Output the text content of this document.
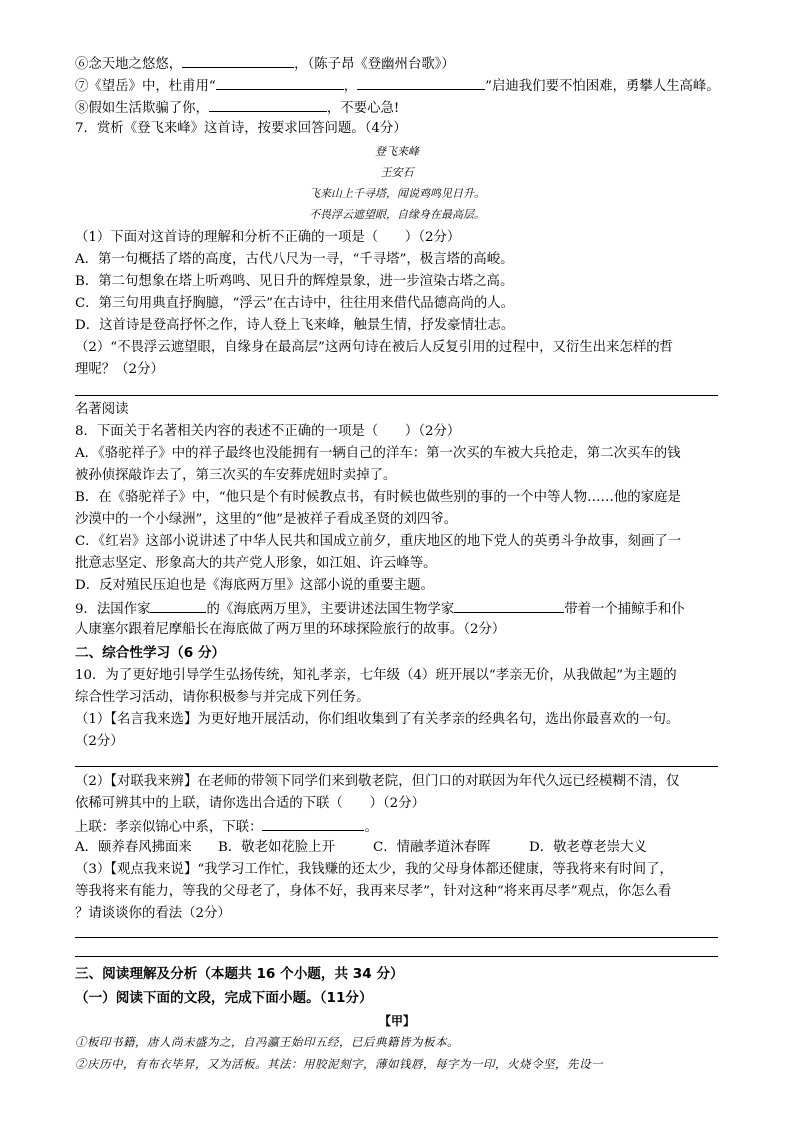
⑥念天地之悠悠，	，（陈子昂《登幽州台歌》）
⑦《望岳》中，杜甫用“	，	”启迪我们要不怕困难，勇攀人生高峰。
⑧假如生活欺骗了你，	，不要心急!
7．赏析《登飞来峰》这首诗，按要求回答问题。（4分）
登飞来峰
王安石
飞来山上千寻塔，闻说鸡鸣见日升。
不畏浮云遮望眼，自缘身在最高层。
（1）下面对这首诗的理解和分析不正确的一项是（　　）（2分）
A．第一句概括了塔的高度，古代八尺为一寻，“千寻塔”，极言塔的高峻。
B．第二句想象在塔上听鸡鸣、见日升的辉煌景象，进一步渲染古塔之高。
C．第三句用典直抒胸臆，“浮云”在古诗中，往往用来借代品德高尚的人。
D．这首诗是登高抒怀之作，诗人登上飞来峰，触景生情，抒发豪情壮志。
（2）“不畏浮云遮望眼，自缘身在最高层”这两句诗在被后人反复引用的过程中，又衍生出来怎样的哲
理呢？（2分）
名著阅读
8．下面关于名著相关内容的表述不正确的一项是（　　）（2分）
A．《骆驼祥子》中的祥子最终也没能拥有一辆自己的洋车：第一次买的车被大兵抢走，第二次买车的钱
被孙侦探敲诈去了，第三次买的车安葬虎妞时卖掉了。
B．在《骆驼祥子》中，“他只是个有时候教点书，有时候也做些别的事的一个中等人物……他的家庭是
沙漠中的一个小绿洲”，这里的“他”是被祥子看成圣贤的刘四爷。
C．《红岩》这部小说讲述了中华人民共和国成立前夕，重庆地区的地下党人的英勇斗争故事，刻画了一
批意志坚定、形象高大的共产党人形象，如江姐、许云峰等。
D．反对殖民压迫也是《海底两万里》这部小说的重要主题。
9．法国作家	的《海底两万里》，主要讲述法国生物学家	带着一个捕鲸手和仆
人康塞尔跟着尼摩船长在海底做了两万里的环球探险旅行的故事。（2分）
二、综合性学习（6 分）
10．为了更好地引导学生弘扬传统，知礼孝亲，七年级（4）班开展以“孝亲无价，从我做起”为主题的
综合性学习活动，请你积极参与并完成下列任务。
（1）【名言我来选】为更好地开展活动，你们组收集到了有关孝亲的经典名句，选出你最喜欢的一句。
（2分）
（2）【对联我来辨】在老师的带领下同学们来到敬老院，但门口的对联因为年代久远已经模糊不清，仅
依稀可辨其中的上联，请你选出合适的下联（　　）（2分）
上联：孝亲似锦心中系，下联：	。
A．颐养春风拂面来 B．敬老如花脸上开	C．情融孝道沐春晖	D．敬老尊老崇大义
（3）【观点我来说】“我学习工作忙，我钱赚的还太少，我的父母身体都还健康，等我将来有时间了，
等我将来有能力，等我的父母老了，身体不好，我再来尽孝”，针对这种“将来再尽孝”观点，你怎么看
？请谈谈你的看法（2分）
三、阅读理解及分析（本题共 16 个小题，共 34 分）
（一）阅读下面的文段，完成下面小题。（11分）
【甲】
①板印书籍，唐人尚未盛为之，自冯瀛王始印五经，已后典籍皆为板本。
②庆历中，有布衣毕昇，又为活板。其法：用胶泥刻字，薄如钱唇，每字为一印，火烧令坚，先设一
